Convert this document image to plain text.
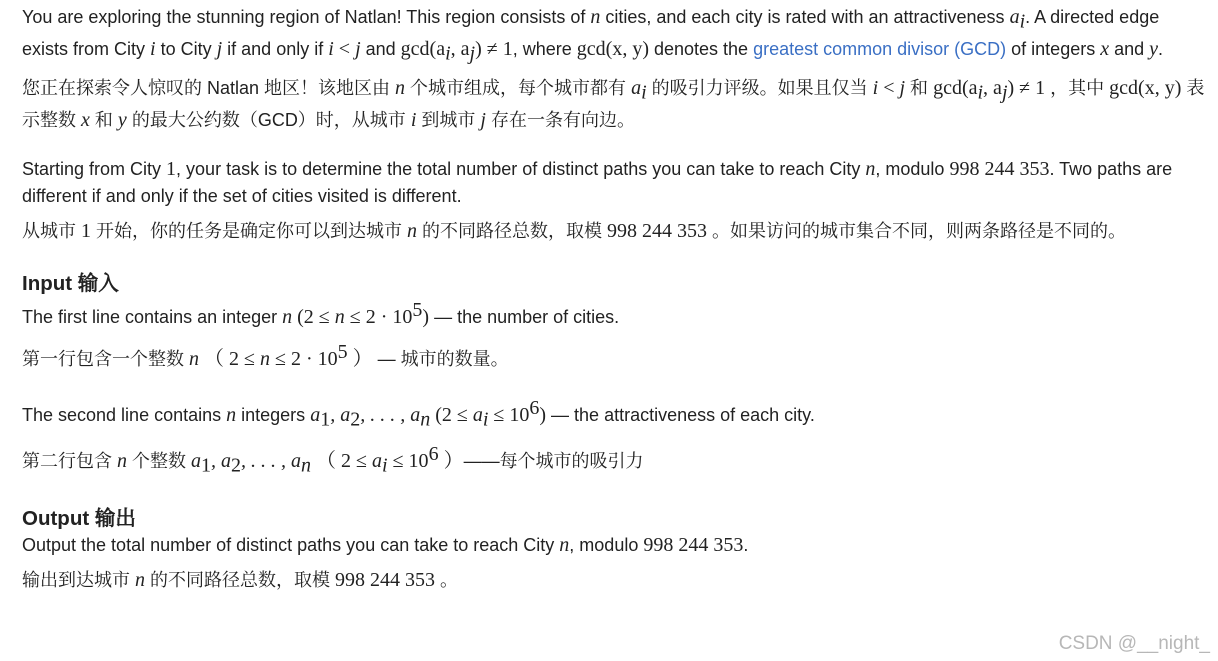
You are exploring the stunning region of Natlan! This region consists of n cities, and each city is rated with an attractiveness $a_i$. A directed edge exists from City i to City j if and only if i < j and $\gcd(a_i$, $a_j) \ne 1$, where gcd(x, y) denotes the greatest common divisor (GCD) of integers x and y.

您正在探索令人惊叹的 Natlan 地区！该地区由 n 个城市组成，每个城市都有 $a_i$ 的吸引力评级。如果且仅当 i < j 和 $\gcd(a_i$, $a_j) \ne 1$ ，其中 gcd(x, y) 表示整数 x 和 y 的最大公约数（GCD）时，从城市 i 到城市 j 存在一条有向边。

Starting from City 1, your task is to determine the total number of distinct paths you can take to reach City n, modulo 998 244 353. Two paths are different if and only if the set of cities visited is different.

从城市 1 开始，你的任务是确定你可以到达城市 n 的不同路径总数，取模 998 244 353 。如果访问的城市集合不同，则两条路径是不同的。

Input 输入

The first line contains an integer n $(2 \le n \le 2 \cdot 10^5)$ — the number of cities.

第一行包含一个整数 n （ $2 \le n \le 2 \cdot 10^5$ ） — 城市的数量。

The second line contains n integers $a_1$, $a_2$, . . . , $a_n$ $(2 \le a_i \le 10^6)$ — the attractiveness of each city.

第二行包含 n 个整数 $a_1$, $a_2$, . . . , $a_n$ （ $2 \le a_i \le 10^6$ ）——每个城市的吸引力

Output 输出

Output the total number of distinct paths you can take to reach City n, modulo 998 244 353.

输出到达城市 n 的不同路径总数，取模 998 244 353 。

CSDN @__night_
